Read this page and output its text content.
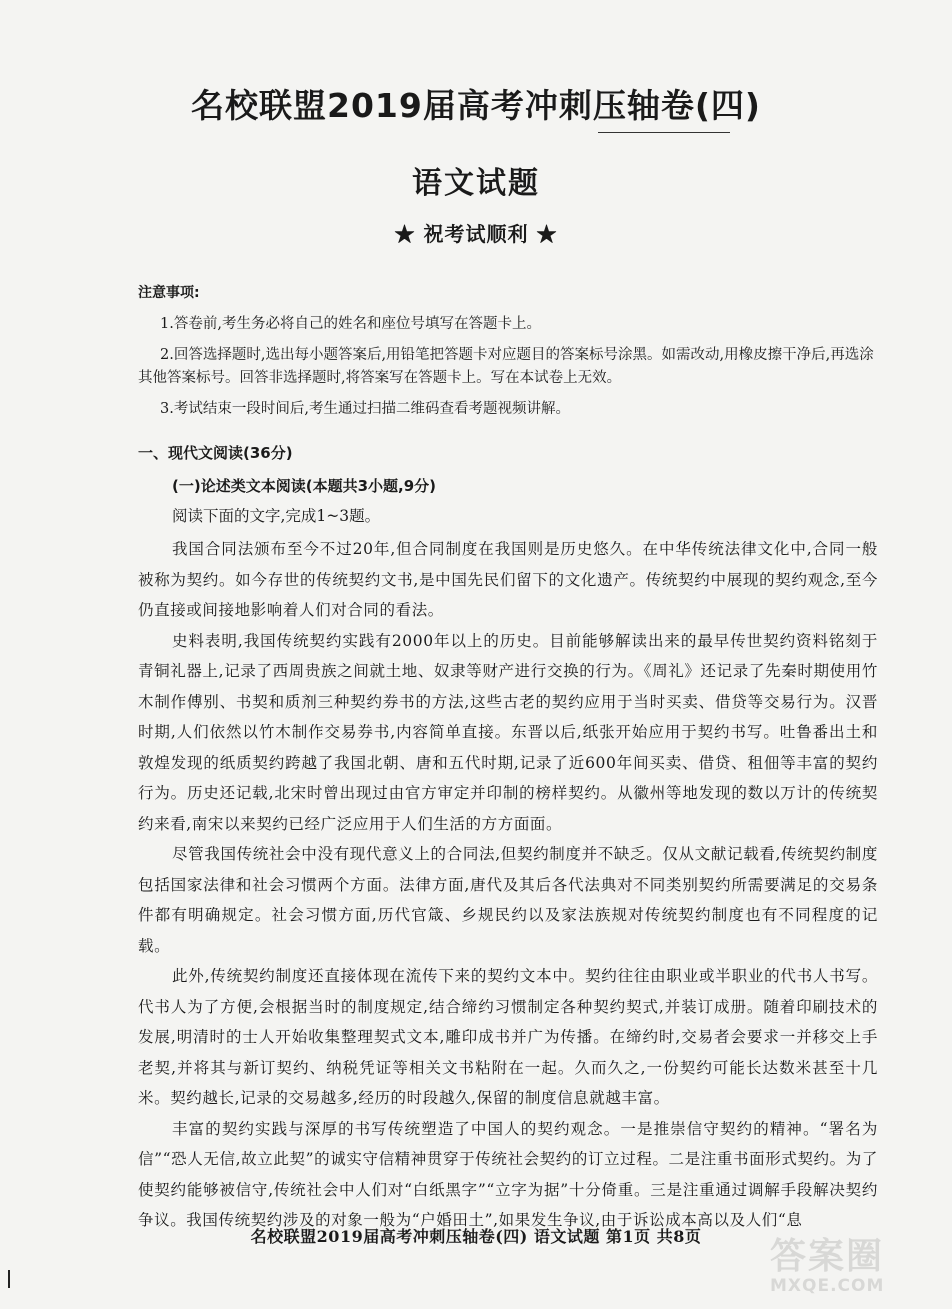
名校联盟2019届高考冲刺压轴卷(四)
语文试题
★ 祝考试顺利 ★
注意事项:

1.答卷前,考生务必将自己的姓名和座位号填写在答题卡上。

2.回答选择题时,选出每小题答案后,用铅笔把答题卡对应题目的答案标号涂黑。如需改动,用橡皮擦干净后,再选涂其他答案标号。回答非选择题时,将答案写在答题卡上。写在本试卷上无效。

3.考试结束一段时间后,考生通过扫描二维码查看考题视频讲解。

一、现代文阅读(36分)
(一)论述类文本阅读(本题共3小题,9分)
阅读下面的文字,完成1~3题。

我国合同法颁布至今不过20年,但合同制度在我国则是历史悠久。在中华传统法律文化中,合同一般被称为契约。如今存世的传统契约文书,是中国先民们留下的文化遗产。传统契约中展现的契约观念,至今仍直接或间接地影响着人们对合同的看法。

史料表明,我国传统契约实践有2000年以上的历史。目前能够解读出来的最早传世契约资料铭刻于青铜礼器上,记录了西周贵族之间就土地、奴隶等财产进行交换的行为。《周礼》还记录了先秦时期使用竹木制作傅别、书契和质剂三种契约券书的方法,这些古老的契约应用于当时买卖、借贷等交易行为。汉晋时期,人们依然以竹木制作交易券书,内容简单直接。东晋以后,纸张开始应用于契约书写。吐鲁番出土和敦煌发现的纸质契约跨越了我国北朝、唐和五代时期,记录了近600年间买卖、借贷、租佃等丰富的契约行为。历史还记载,北宋时曾出现过由官方审定并印制的榜样契约。从徽州等地发现的数以万计的传统契约来看,南宋以来契约已经广泛应用于人们生活的方方面面。

尽管我国传统社会中没有现代意义上的合同法,但契约制度并不缺乏。仅从文献记载看,传统契约制度包括国家法律和社会习惯两个方面。法律方面,唐代及其后各代法典对不同类别契约所需要满足的交易条件都有明确规定。社会习惯方面,历代官箴、乡规民约以及家法族规对传统契约制度也有不同程度的记载。

此外,传统契约制度还直接体现在流传下来的契约文本中。契约往往由职业或半职业的代书人书写。代书人为了方便,会根据当时的制度规定,结合缔约习惯制定各种契约契式,并装订成册。随着印刷技术的发展,明清时的士人开始收集整理契式文本,雕印成书并广为传播。在缔约时,交易者会要求一并移交上手老契,并将其与新订契约、纳税凭证等相关文书粘附在一起。久而久之,一份契约可能长达数米甚至十几米。契约越长,记录的交易越多,经历的时段越久,保留的制度信息就越丰富。

丰富的契约实践与深厚的书写传统塑造了中国人的契约观念。一是推崇信守契约的精神。“署名为信”“恐人无信,故立此契”的诚实守信精神贯穿于传统社会契约的订立过程。二是注重书面形式契约。为了使契约能够被信守,传统社会中人们对“白纸黑字”“立字为据”十分倚重。三是注重通过调解手段解决契约争议。我国传统契约涉及的对象一般为“户婚田土”,如果发生争议,由于诉讼成本高以及人们“息

名校联盟2019届高考冲刺压轴卷(四) 语文试题 第1页 共8页	答案圈
MXQE.COM
